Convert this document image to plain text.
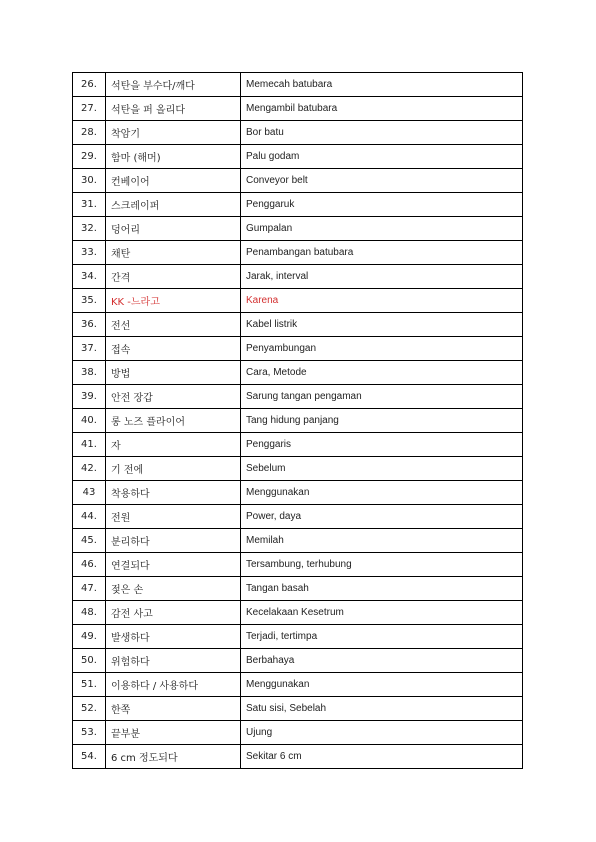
26.	석탄을 부수다/깨다	Memecah batubara
27.	석탄을 퍼 올리다	Mengambil batubara
28.	착암기	Bor batu
29.	함마 (해머)	Palu godam
30.	컨베이어	Conveyor belt
31.	스크레이퍼	Penggaruk
32.	덩어리	Gumpalan
33.	채탄	Penambangan batubara
34.	간격	Jarak, interval
35.	KK -느라고	Karena
36.	전선	Kabel listrik
37.	접속	Penyambungan
38.	방법	Cara, Metode
39.	안전 장갑	Sarung tangan pengaman
40.	롱 노즈 플라이어	Tang hidung panjang
41.	자	Penggaris
42.	기 전에	Sebelum
43	착용하다	Menggunakan
44.	전원	Power, daya
45.	분리하다	Memilah
46.	연결되다	Tersambung, terhubung
47.	젖은 손	Tangan basah
48.	감전 사고	Kecelakaan Kesetrum
49.	발생하다	Terjadi, tertimpa
50.	위험하다	Berbahaya
51.	이용하다 / 사용하다	Menggunakan
52.	한쪽	Satu sisi, Sebelah
53.	끝부분	Ujung
54.	6 cm 정도되다	Sekitar 6 cm
